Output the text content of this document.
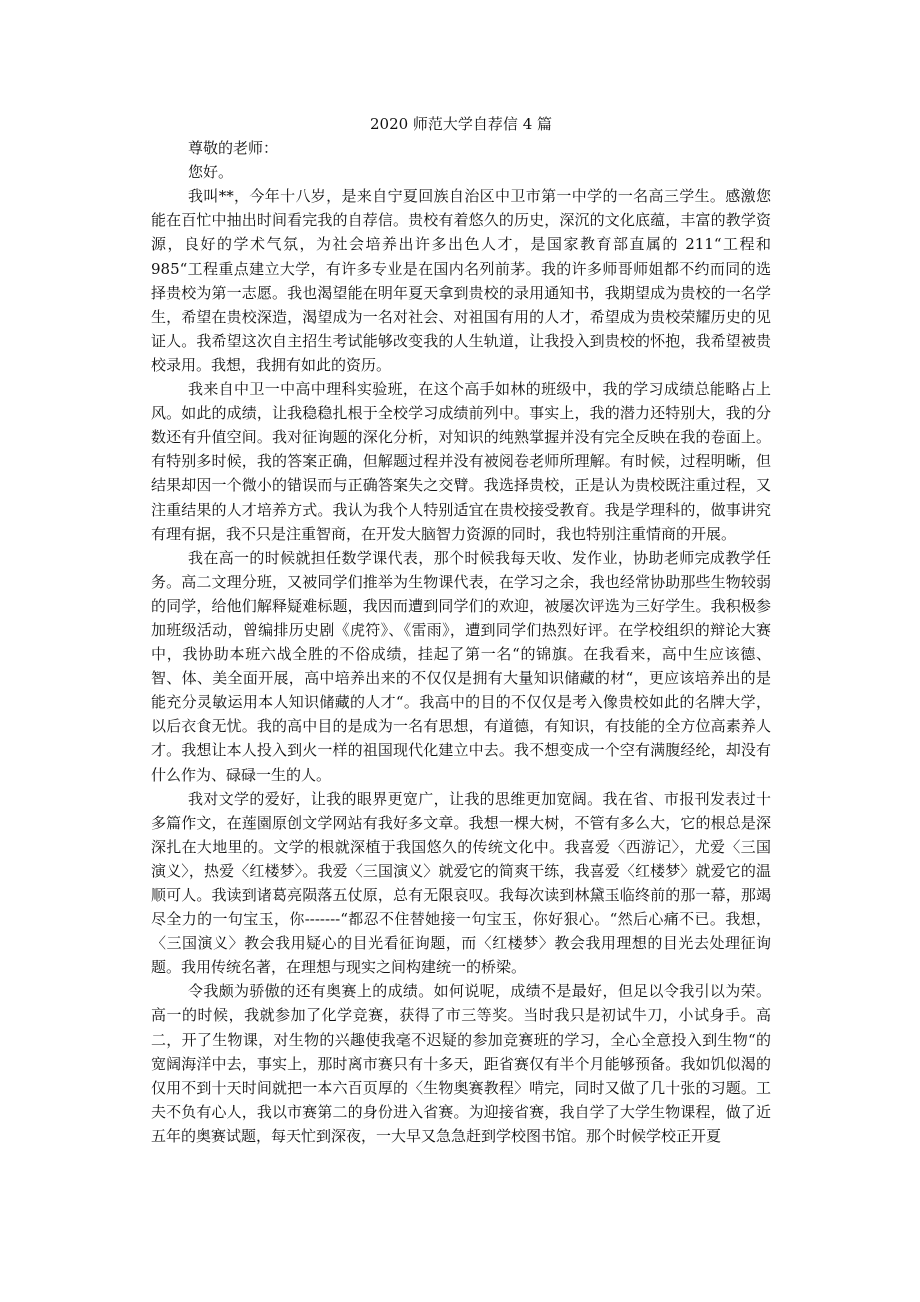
2020 师范大学自荐信 4 篇

尊敬的老师：

您好。

我叫**，今年十八岁，是来自宁夏回族自治区中卫市第一中学的一名高三学生。感激您能在百忙中抽出时间看完我的自荐信。贵校有着悠久的历史，深沉的文化底蕴，丰富的教学资源，良好的学术气氛，为社会培养出许多出色人才，是国家教育部直属的 211“工程和 985“工程重点建立大学，有许多专业是在国内名列前茅。我的许多师哥师姐都不约而同的选择贵校为第一志愿。我也渴望能在明年夏天拿到贵校的录用通知书，我期望成为贵校的一名学生，希望在贵校深造，渴望成为一名对社会、对祖国有用的人才，希望成为贵校荣耀历史的见证人。我希望这次自主招生考试能够改变我的人生轨道，让我投入到贵校的怀抱，我希望被贵校录用。我想，我拥有如此的资历。

我来自中卫一中高中理科实验班，在这个高手如林的班级中，我的学习成绩总能略占上风。如此的成绩，让我稳稳扎根于全校学习成绩前列中。事实上，我的潜力还特别大，我的分数还有升值空间。我对征询题的深化分析，对知识的纯熟掌握并没有完全反映在我的卷面上。有特别多时候，我的答案正确，但解题过程并没有被阅卷老师所理解。有时候，过程明晰，但结果却因一个微小的错误而与正确答案失之交臂。我选择贵校，正是认为贵校既注重过程，又注重结果的人才培养方式。我认为我个人特别适宜在贵校接受教育。我是学理科的，做事讲究有理有据，我不只是注重智商，在开发大脑智力资源的同时，我也特别注重情商的开展。

我在高一的时候就担任数学课代表，那个时候我每天收、发作业，协助老师完成教学任务。高二文理分班，又被同学们推举为生物课代表，在学习之余，我也经常协助那些生物较弱的同学，给他们解释疑难标题，我因而遭到同学们的欢迎，被屡次评选为三好学生。我积极参加班级活动，曾编排历史剧《虎符》、《雷雨》，遭到同学们热烈好评。在学校组织的辩论大赛中，我协助本班六战全胜的不俗成绩，挂起了第一名“的锦旗。在我看来，高中生应该德、智、体、美全面开展，高中培养出来的不仅仅是拥有大量知识储藏的材“，更应该培养出的是能充分灵敏运用本人知识储藏的人才“。我高中的目的不仅仅是考入像贵校如此的名牌大学，以后衣食无忧。我的高中目的是成为一名有思想，有道德，有知识，有技能的全方位高素养人才。我想让本人投入到火一样的祖国现代化建立中去。我不想变成一个空有满腹经纶，却没有什么作为、碌碌一生的人。

我对文学的爱好，让我的眼界更宽广，让我的思维更加宽阔。我在省、市报刊发表过十多篇作文，在莲園原创文学网站有我好多文章。我想一棵大树，不管有多么大，它的根总是深深扎在大地里的。文学的根就深植于我国悠久的传统文化中。我喜爱〈西游记〉，尤爱〈三国演义〉，热爱〈红楼梦〉。我爱〈三国演义〉就爱它的简爽干练，我喜爱〈红楼梦〉就爱它的温顺可人。我读到诸葛亮陨落五仗原，总有无限哀叹。我每次读到林黛玉临终前的那一幕，那竭尽全力的一句宝玉，你-------“都忍不住替她接一句宝玉，你好狠心。“然后心痛不已。我想，〈三国演义〉教会我用疑心的目光看征询题，而〈红楼梦〉教会我用理想的目光去处理征询题。我用传统名著，在理想与现实之间构建统一的桥梁。

令我颇为骄傲的还有奥赛上的成绩。如何说呢，成绩不是最好，但足以令我引以为荣。高一的时候，我就参加了化学竞赛，获得了市三等奖。当时我只是初试牛刀，小试身手。高二，开了生物课，对生物的兴趣使我毫不迟疑的参加竞赛班的学习，全心全意投入到生物“的宽阔海洋中去，事实上，那时离市赛只有十多天，距省赛仅有半个月能够预备。我如饥似渴的仅用不到十天时间就把一本六百页厚的〈生物奥赛教程〉啃完，同时又做了几十张的习题。工夫不负有心人，我以市赛第二的身份进入省赛。为迎接省赛，我自学了大学生物课程，做了近五年的奥赛试题，每天忙到深夜，一大早又急急赶到学校图书馆。那个时候学校正开夏
